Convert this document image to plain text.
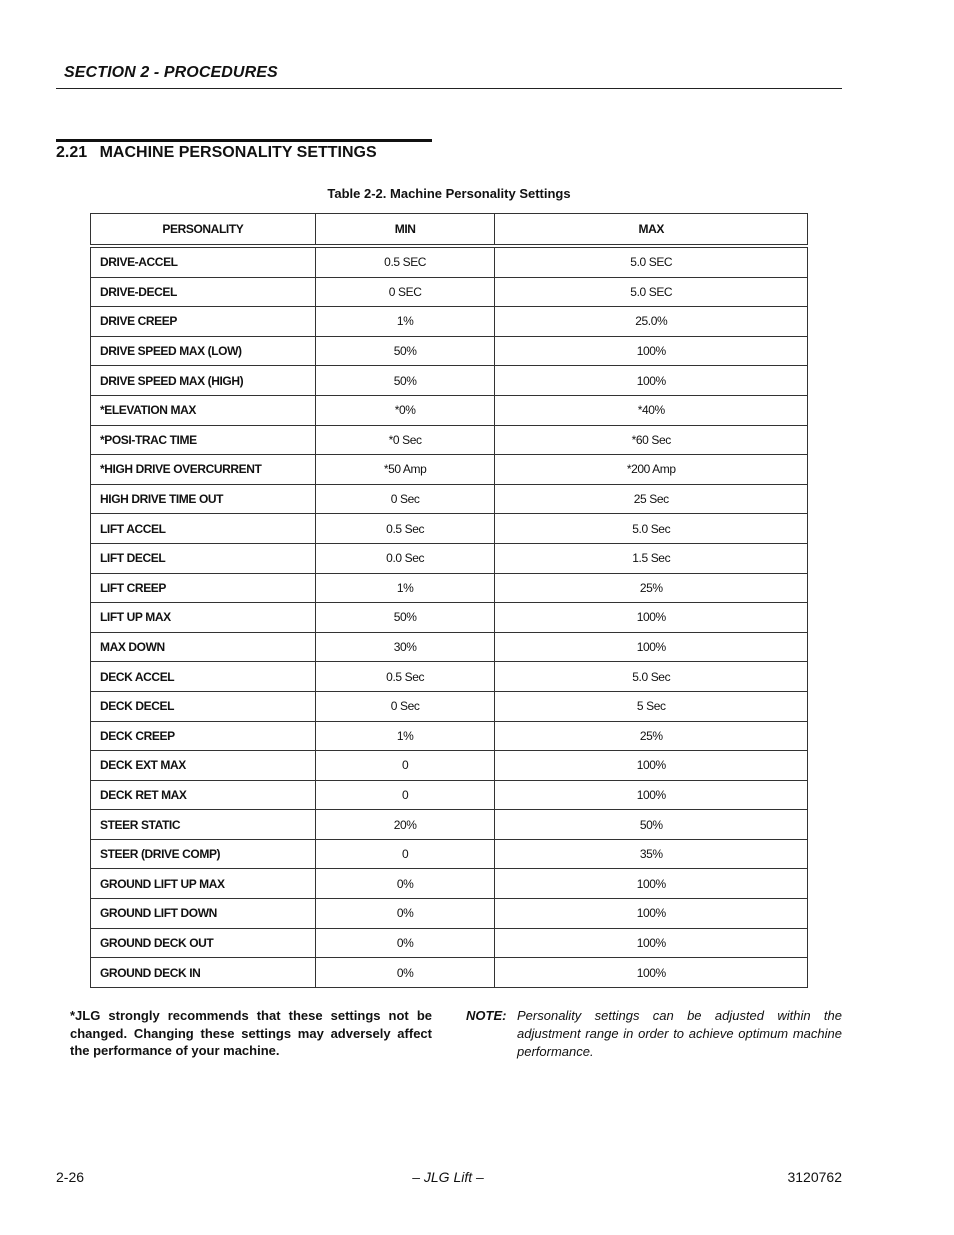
SECTION 2 - PROCEDURES
2.21 MACHINE PERSONALITY SETTINGS
Table 2-2. Machine Personality Settings
PERSONALITY	MIN	MAX
DRIVE-ACCEL	0.5 SEC	5.0 SEC
DRIVE-DECEL	0 SEC	5.0 SEC
DRIVE CREEP	1%	25.0%
DRIVE SPEED MAX (LOW)	50%	100%
DRIVE SPEED MAX (HIGH)	50%	100%
*ELEVATION MAX	*0%	*40%
*POSI-TRAC TIME	*0 Sec	*60 Sec
*HIGH DRIVE OVERCURRENT	*50 Amp	*200 Amp
HIGH DRIVE TIME OUT	0 Sec	25 Sec
LIFT ACCEL	0.5 Sec	5.0 Sec
LIFT DECEL	0.0 Sec	1.5 Sec
LIFT CREEP	1%	25%
LIFT UP MAX	50%	100%
MAX DOWN	30%	100%
DECK ACCEL	0.5 Sec	5.0 Sec
DECK DECEL	0 Sec	5 Sec
DECK CREEP	1%	25%
DECK EXT MAX	0	100%
DECK RET MAX	0	100%
STEER STATIC	20%	50%
STEER (DRIVE COMP)	0	35%
GROUND LIFT UP MAX	0%	100%
GROUND LIFT DOWN	0%	100%
GROUND DECK OUT	0%	100%
GROUND DECK IN	0%	100%
*JLG strongly recommends that these settings not be changed. Changing these settings may adversely affect the performance of your machine.
NOTE: Personality settings can be adjusted within the adjustment range in order to achieve optimum machine performance.
2-26	– JLG Lift –	3120762
